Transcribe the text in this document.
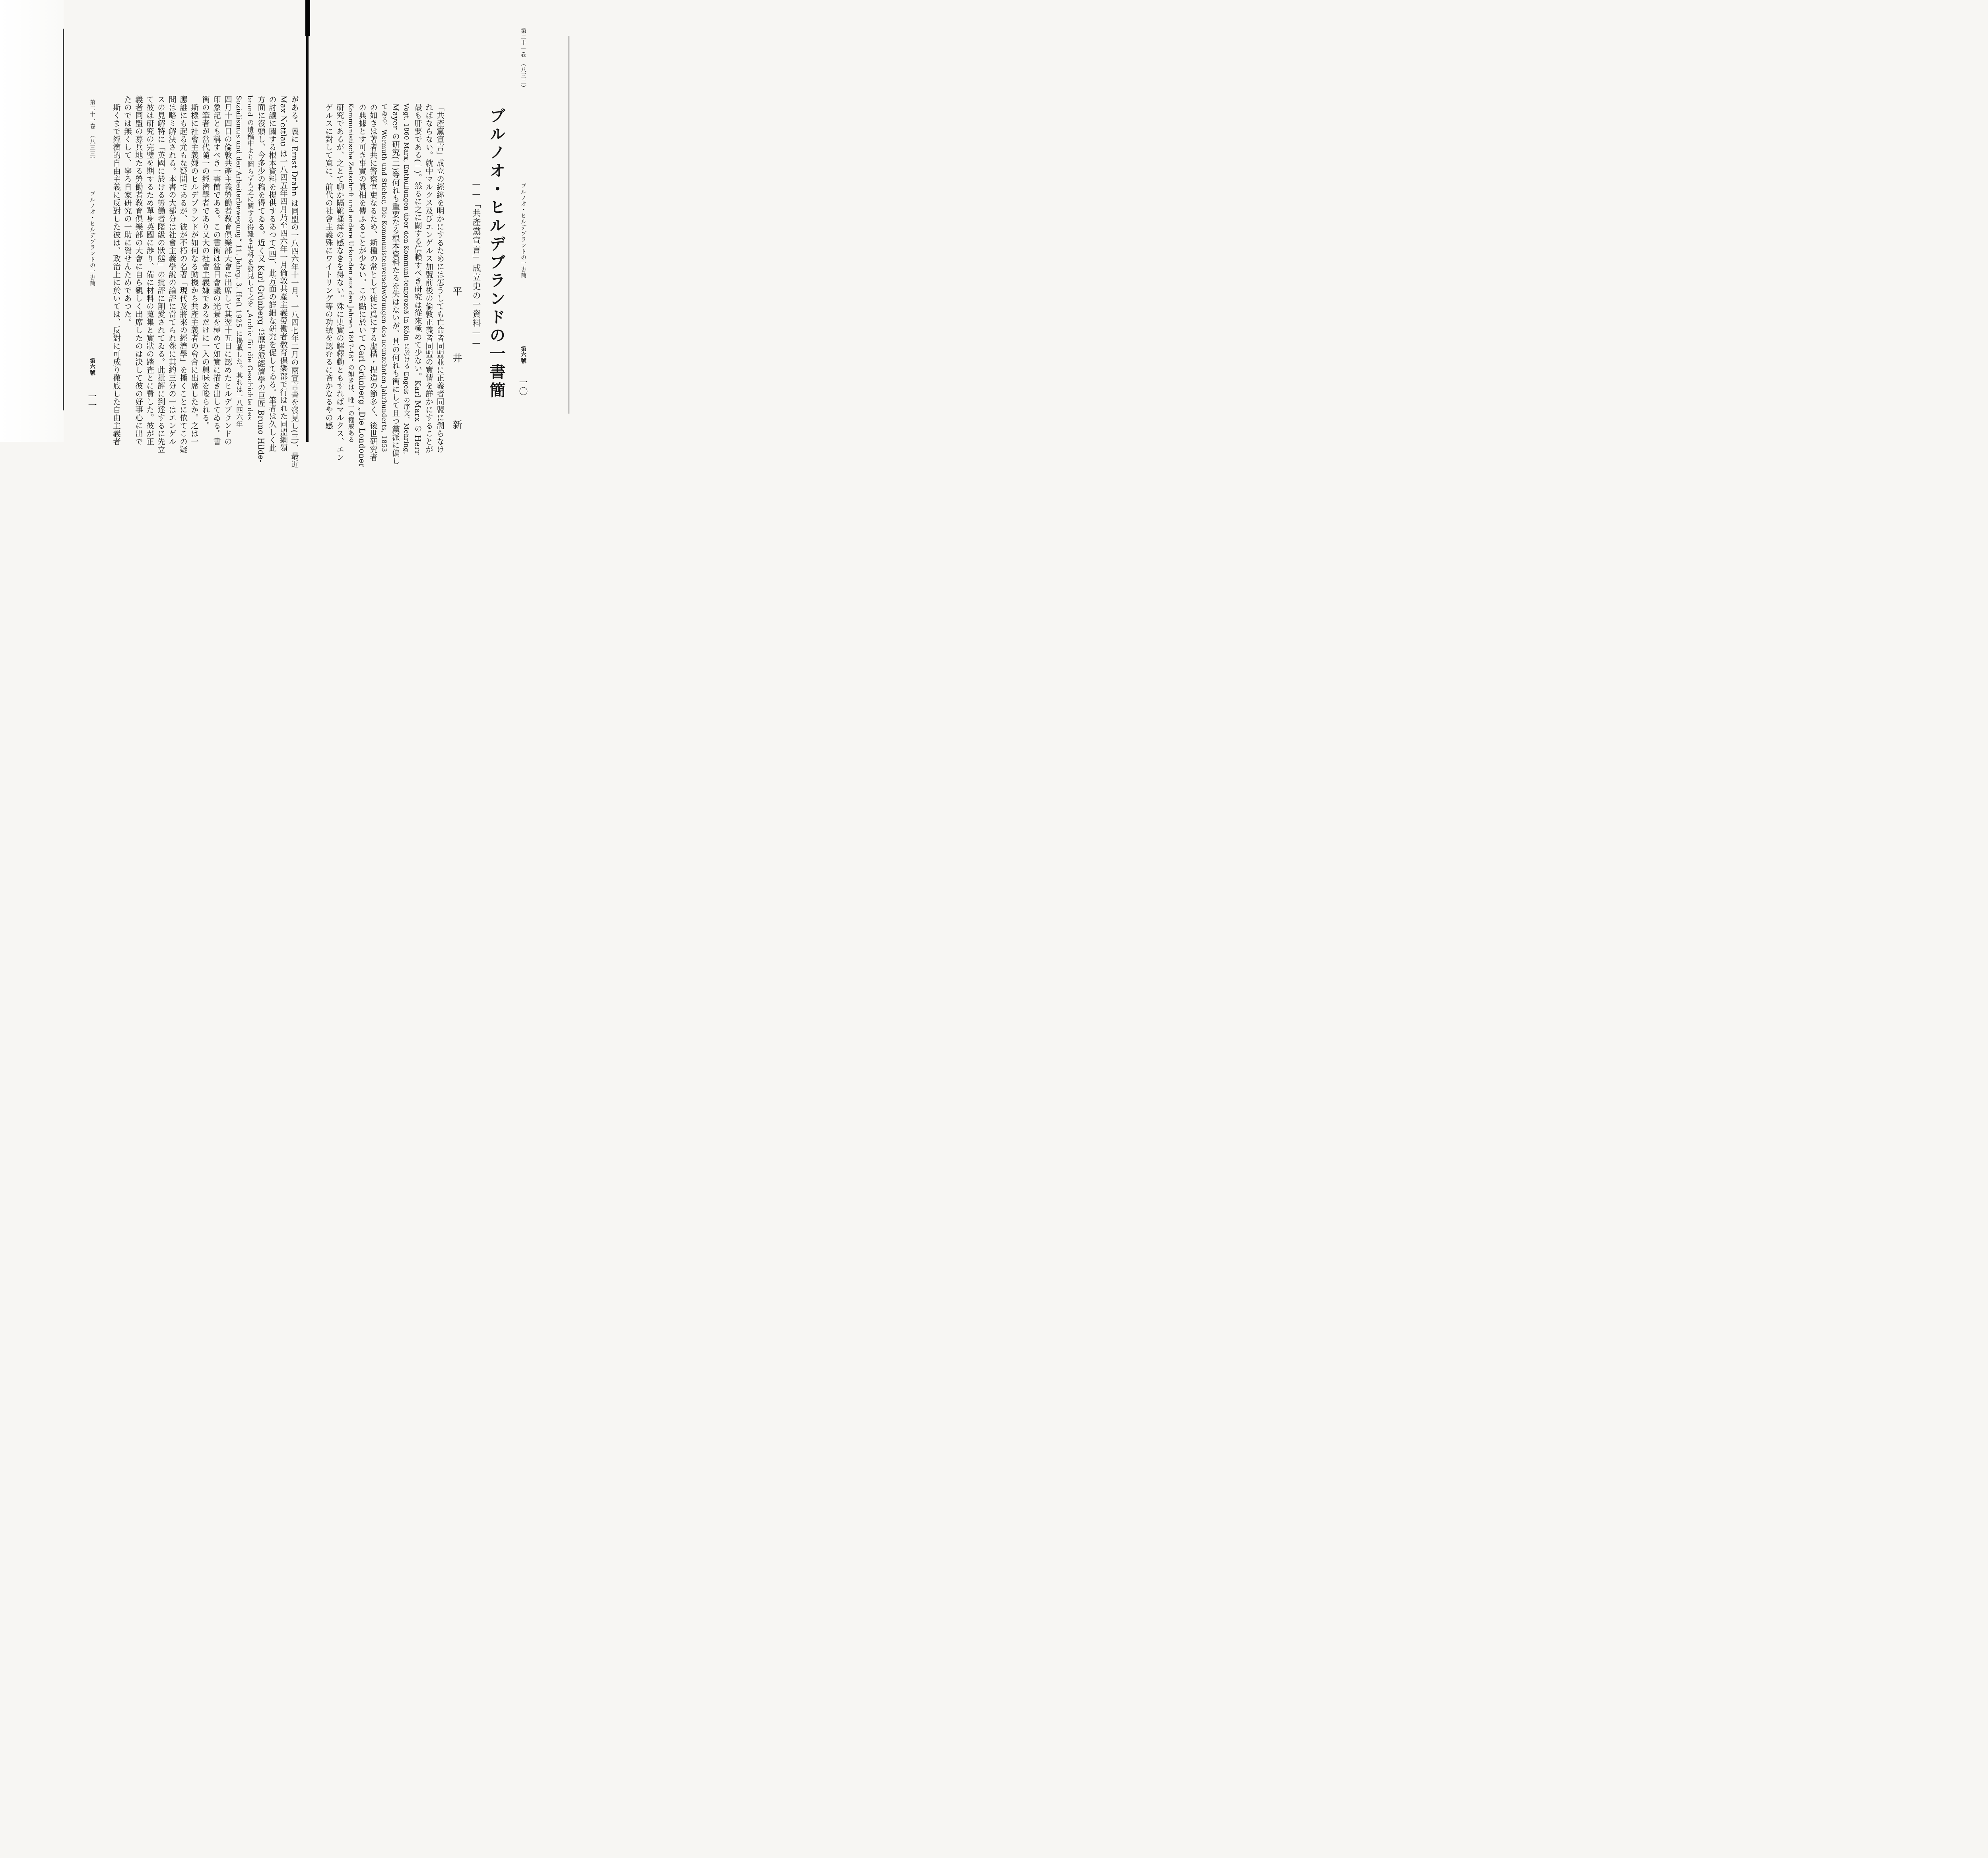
第二十一卷　（八三二）
ブルノオ・ヒルデブランドの一書簡
第六號
一〇
ブルノオ・ヒルデブランドの一書簡
——「共產黨宣言」成立史の一資料——
平　井　新
「共產黨宣言」成立の經緯を明かにするためには怎うしても亡命者同盟並に正義者同盟に溯らなけ
ればならない。就中マルクス及びエンゲルス加盟前後の倫敦正義者同盟の實情を詳かにすることが
最も肝要である(一)。然るに之に關する信賴すべき研究は從來極めて少ない。Karl Marx の Herr
Vogt, 1860 Marx, Enthüllungen über den Kommuni-tenprozeß in Köln に於ける Engels の序文、Mehring,
Mayer の研究(二)等何れも重要なる根本資料たるを失はないが、其の何れも簡にして且つ黨派に偏し
てゐる。Wermuth und Stieber, Die Kommunistenverschwörungen des neunzehnten Jahrhunderts, 1853
の如きは著者共に警察官吏なるため、斯種の常として徒に爲にする虛構・捏造の節多く、後世研究者
の典據とす可き事實の眞相を傳ふることが少ない。この點に於いて Carl Grünberg „Die Londoner
Kommunistische Zeitschrift und andere Urkunden aus den Jahren 1847-48“ の如きは、唯一の權威ある
研究であるが、之とて聊か隔靴搔痒の感なきを得ない。殊に史實の解釋動ともすればマルクス、エン
ゲルスに對して寬に、前代の社會主義殊にワイトリング等の功績を認むるに吝かなるやの感
がある。曩に Ernst Drahn は同盟の一八四六年十一月、一八四七年二月の兩宣言書を發見し(三)、最近
Max Nettlau は一八四五年四月乃至四六年一月倫敦共產主義勞働者敎育倶樂部で行はれた同盟綱領
の討議に關する根本資料を提供するあつて(四)、此方面の詳細な研究を促してゐる。筆者は久しく此
方面に沒頭し、今多少の稿を得てゐる。近く又 Karl Grünberg は歷史派經濟學の巨匠 Bruno Hilde-
brand の遺稿中より圖らずも之に關する得難き史料を發見して之を „Archiv für die Geschichte des
Sozialismus und der Arbeiterbewegung“ 11. Jahrg. 3. Heft 1925 に揭載した。其れは一八四六年
四月十四日の倫敦共產主義勞働者敎育倶樂部大會に出席して其翌十五日に認めたヒルデブランドの
印象記とも稱すべき一書簡である。この書簡は當日會議の光景を極めて如實に描き出してゐる。書
簡の筆者が當代隨一の經濟學者であり又大の社會主義嫌であるだけに一入の興味を唆られる。
斯樣に社會主義嫌のヒルデブランドが如何なる動機から共產主義者の會合に出席したか。之は一
應誰にも起る尤もな疑問であるが、彼が不朽の名著「現代及將來の經濟學」を播くことに依てこの疑
問は略ミ解決される。本書の大部分は社會主義學說の論評に當てられ殊に其約三分の一はエンゲル
スの見解特に「英國に於ける勞働者階級の狀態」の批評に割愛されてゐる。此批評に到達するに先立
て彼は研究の完璧を期するため單身英國に渉り、備に材料の蒐集と實狀の踏査とに費した。彼が正
義者同盟の募兵地たる勞働者敎育倶樂部の大會に自ら親しく出席したのは決して彼の好事心に出で
たのでは無くして、寧ろ自家研究の一助に資せんためであつた。
斯くまで經濟的自由主義に反對した彼は、政治上に於いては、反對に可成り徹底した自由主義者
第二十一卷　（八三三）
ブルノオ・ヒルデブランドの一書簡
第六號
一一
